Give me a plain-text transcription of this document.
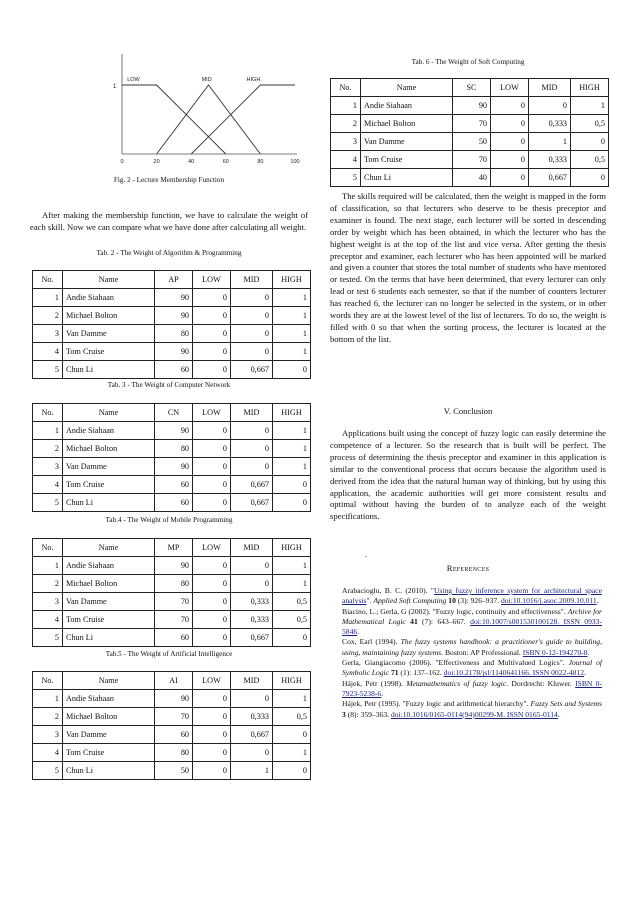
1
0	20	40	60	80	100
LOW	MID	HIGH
Fig. 2 - Lecture Membership Function

After making the membership function, we have to calculate the weight of each skill. Now we can compare what we have done after calculating all weight.

Tab. 2 - The Weight of Algorithm & Programming
No.	Name	AP	LOW	MID	HIGH
1	Andie Siahaan	90	0	0	1
2	Michael Bolton	90	0	0	1
3	Van Damme	80	0	0	1
4	Tom Cruise	90	0	0	1
5	Chun Li	60	0	0,667	0
Tab. 3 - The Weight of Computer Network
No.	Name	CN	LOW	MID	HIGH
1	Andie Siahaan	90	0	0	1
2	Michael Bolton	80	0	0	1
3	Van Damme	90	0	0	1
4	Tom Cruise	60	0	0,667	0
5	Chun Li	60	0	0,667	0
Tab.4 - The Weight of Mobile Programming
No.	Name	MP	LOW	MID	HIGH
1	Andie Siahaan	90	0	0	1
2	Michael Bolton	80	0	0	1
3	Van Damme	70	0	0,333	0,5
4	Tom Cruise	70	0	0,333	0,5
5	Chun Li	60	0	0,667	0
Tab.5 - The Weight of Artificial Intelligence
No.	Name	AI	LOW	MID	HIGH
1	Andie Siahaan	90	0	0	1
2	Michael Bolton	70	0	0,333	0,5
3	Van Damme	60	0	0,667	0
4	Tom Cruise	80	0	0	1
5	Chun Li	50	0	1	0
Tab. 6 - The Weight of Soft Computing
No.	Name	SC	LOW	MID	HIGH
1	Andie Siahaan	90	0	0	1
2	Michael Bolton	70	0	0,333	0,5
3	Van Damme	50	0	1	0
4	Tom Cruise	70	0	0,333	0,5
5	Chun Li	40	0	0,667	0

The skills required will be calculated, then the weight is mapped in the form of classification, so that lecturers who deserve to be thesis preceptor and examiner is found. The next stage, each lecturer will be sorted in descending order by weight which has been obtained, in which the lecturer who has the highest weight is at the top of the list and vice versa. After getting the thesis preceptor and examiner, each lecturer who has been appointed will be marked and given a counter that stores the total number of students who have mentored or tested. On the terms that have been determined, that every lecturer can only lead or test 6 students each semester, so that if the number of counters lecturer has reached 6, the lecturer can no longer be selected in the system, or in other words they are at the lowest level of the list of lecturers. To do so, the weight is filled with 0 so that when the sorting process, the lecturer is located at the bottom of the list.

V. Conclusion

Applications built using the concept of fuzzy logic can easily determine the competence of a lecturer. So the research that is built will be perfect. The process of determining the thesis preceptor and examiner in this application is similar to the conventional process that occurs because the algorithm used is derived from the idea that the natural human way of thinking, but by using this application, the academic authorities will get more consistent results and optimal without having the burden of to analyze each of the weight specifications.

.
References

Arabacioglu, B. C. (2010). "Using fuzzy inference system for architectural space analysis". Applied Soft Computing 10 (3): 926–937. doi:10.1016/j.asoc.2009.10.011.

Biacino, L.; Gerla, G (2002). "Fuzzy logic, continuity and effectiveness". Archive for Mathematical Logic 41 (7): 643–667. doi:10.1007/s001530100128. ISSN 0933-5846.

Cox, Earl (1994). The fuzzy systems handbook: a practitioner's guide to building, using, maintaining fuzzy systems. Boston: AP Professional. ISBN 0-12-194270-8.

Gerla, Giangiacomo (2006). "Effectiveness and Multivalued Logics". Journal of Symbolic Logic 71 (1): 137–162. doi:10.2178/jsl/1140641166. ISSN 0022-4812.

Hájek, Petr (1998). Metamathematics of fuzzy logic. Dordrecht: Kluwer. ISBN 0-7923-5238-6.

Hájek, Petr (1995). "Fuzzy logic and arithmetical hierarchy". Fuzzy Sets and Systems 3 (8): 359–363. doi:10.1016/0165-0114(94)00299-M. ISSN 0165-0114.
